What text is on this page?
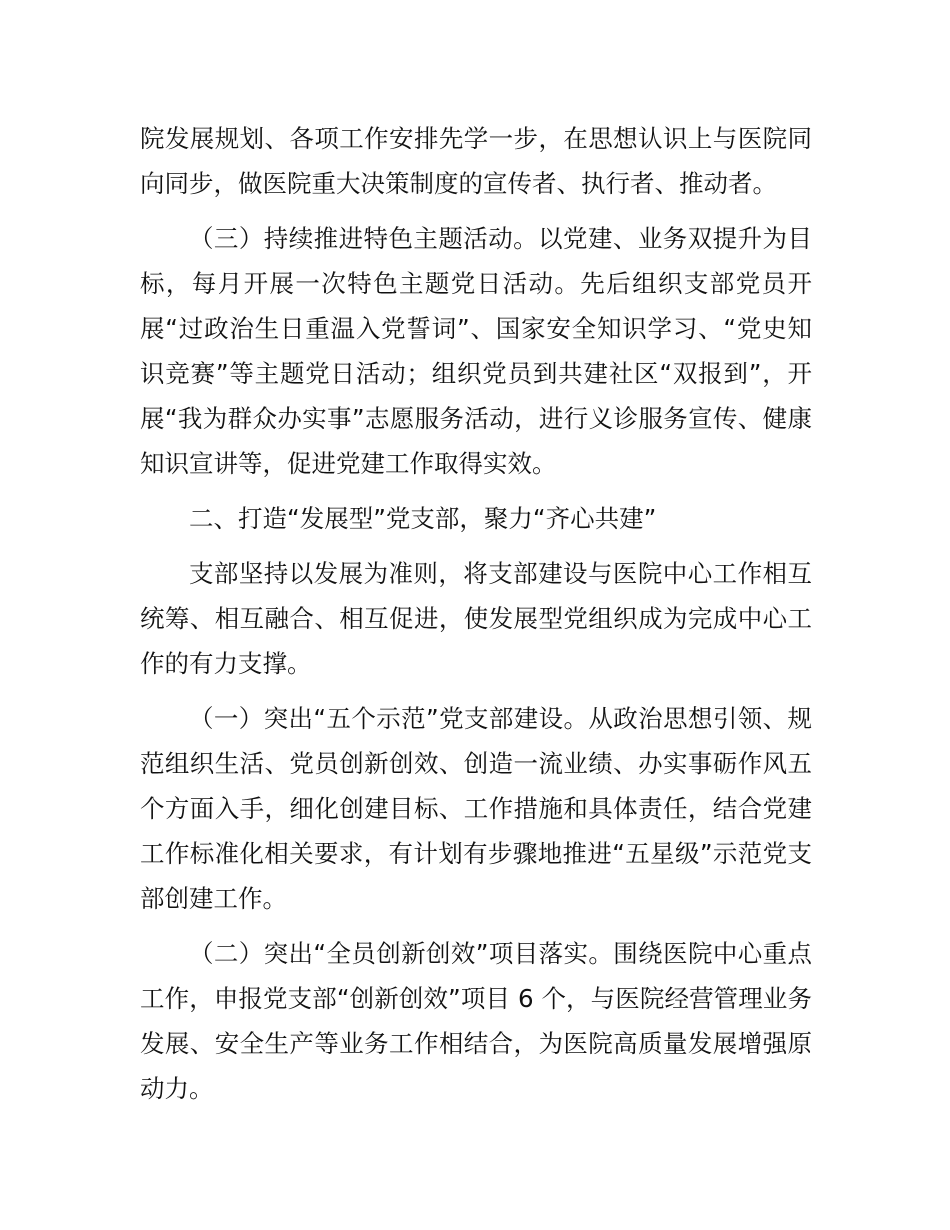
院发展规划、各项工作安排先学一步，在思想认识上与医院同向同步，做医院重大决策制度的宣传者、执行者、推动者。

（三）持续推进特色主题活动。以党建、业务双提升为目标，每月开展一次特色主题党日活动。先后组织支部党员开展“过政治生日重温入党誓词”、国家安全知识学习、“党史知识竞赛”等主题党日活动；组织党员到共建社区“双报到”，开展“我为群众办实事”志愿服务活动，进行义诊服务宣传、健康知识宣讲等，促进党建工作取得实效。

二、打造“发展型”党支部，聚力“齐心共建”

支部坚持以发展为准则，将支部建设与医院中心工作相互统筹、相互融合、相互促进，使发展型党组织成为完成中心工作的有力支撑。

（一）突出“五个示范”党支部建设。从政治思想引领、规范组织生活、党员创新创效、创造一流业绩、办实事砺作风五个方面入手，细化创建目标、工作措施和具体责任，结合党建工作标准化相关要求，有计划有步骤地推进“五星级”示范党支部创建工作。

（二）突出“全员创新创效”项目落实。围绕医院中心重点工作，申报党支部“创新创效”项目 6 个，与医院经营管理业务发展、安全生产等业务工作相结合，为医院高质量发展增强原动力。
